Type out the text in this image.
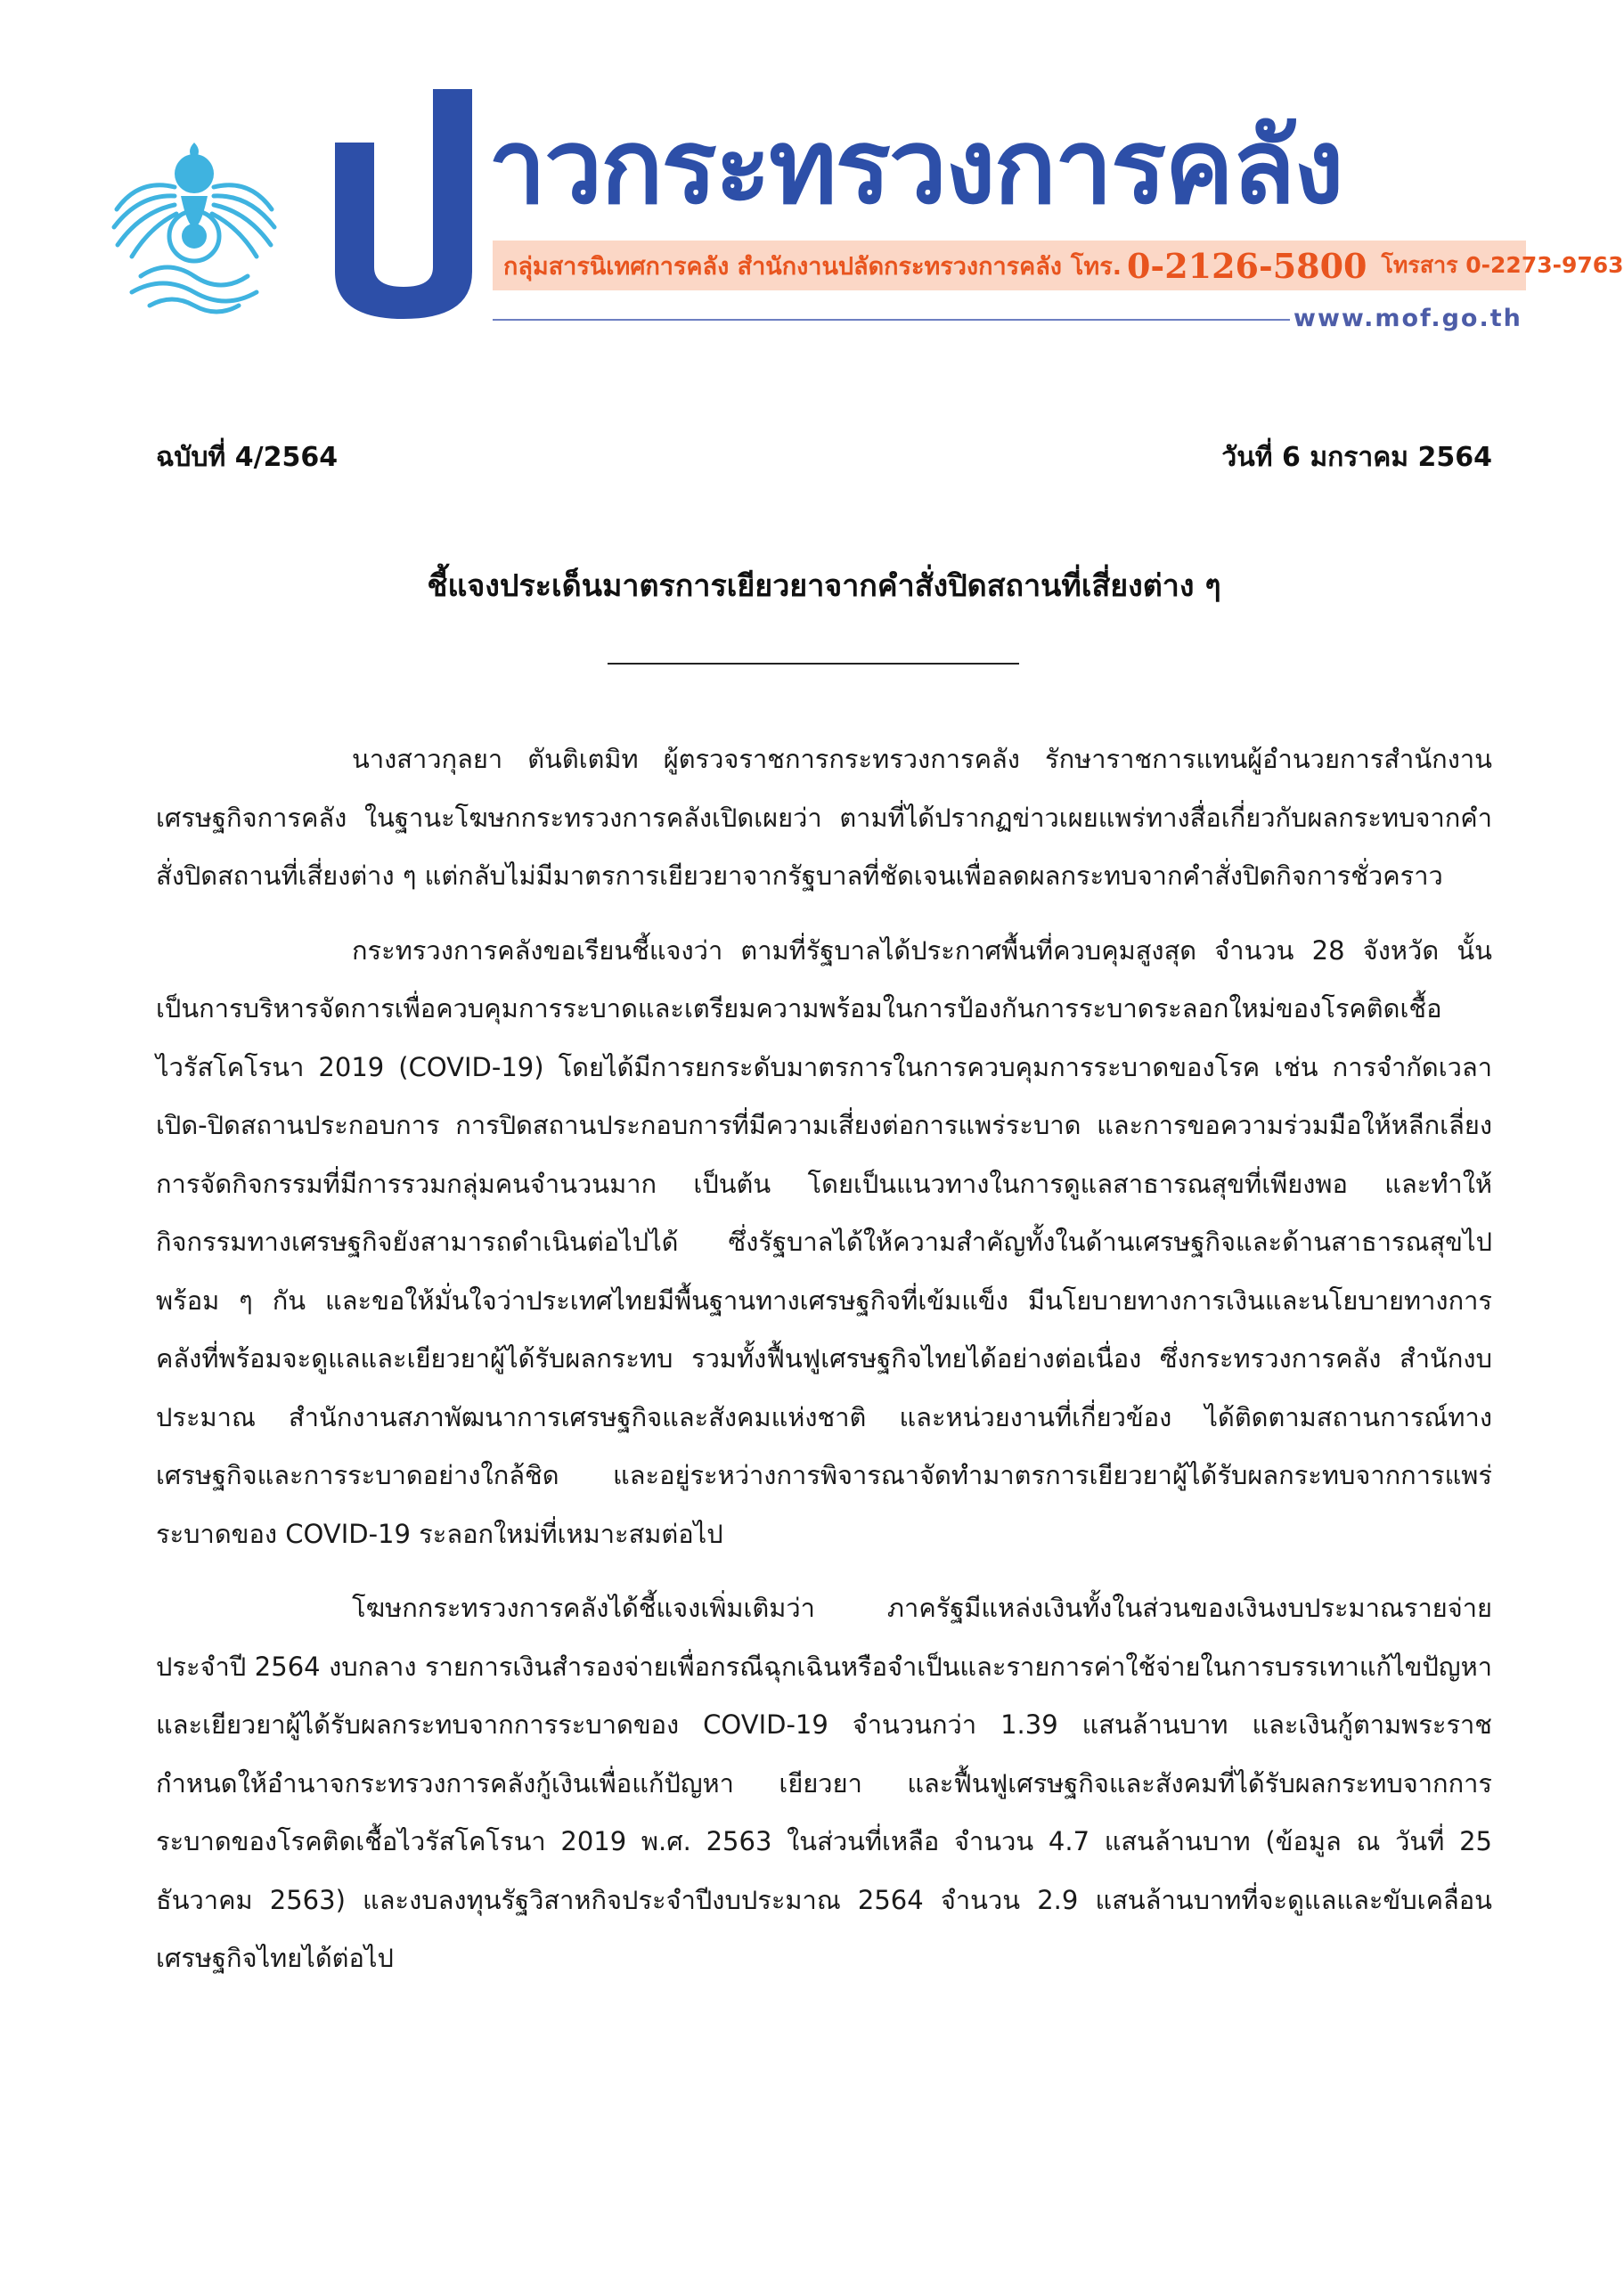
าวกระทรวงการคลัง
กลุ่มสารนิเทศการคลัง สำนักงานปลัดกระทรวงการคลัง โทร. 0-2126-5800 โทรสาร 0-2273-9763
www.mof.go.th
ฉบับที่ 4/2564	วันที่ 6 มกราคม 2564
ชี้แจงประเด็นมาตรการเยียวยาจากคำสั่งปิดสถานที่เสี่ยงต่าง ๆ

นางสาวกุลยา ตันติเตมิท ผู้ตรวจราชการกระทรวงการคลัง รักษาราชการแทนผู้อำนวยการสำนักงานเศรษฐกิจการคลัง ในฐานะโฆษกกระทรวงการคลังเปิดเผยว่า ตามที่ได้ปรากฏข่าวเผยแพร่ทางสื่อเกี่ยวกับผลกระทบจากคำสั่งปิดสถานที่เสี่ยงต่าง ๆ แต่กลับไม่มีมาตรการเยียวยาจากรัฐบาลที่ชัดเจนเพื่อลดผลกระทบจากคำสั่งปิดกิจการชั่วคราว

กระทรวงการคลังขอเรียนชี้แจงว่า ตามที่รัฐบาลได้ประกาศพื้นที่ควบคุมสูงสุด จำนวน 28 จังหวัด นั้น เป็นการบริหารจัดการเพื่อควบคุมการระบาดและเตรียมความพร้อมในการป้องกันการระบาดระลอกใหม่ของโรคติดเชื้อไวรัสโคโรนา 2019 (COVID-19) โดยได้มีการยกระดับมาตรการในการควบคุมการระบาดของโรค เช่น การจำกัดเวลาเปิด-ปิดสถานประกอบการ การปิดสถานประกอบการที่มีความเสี่ยงต่อการแพร่ระบาด และการขอความร่วมมือให้หลีกเลี่ยงการจัดกิจกรรมที่มีการรวมกลุ่มคนจำนวนมาก เป็นต้น โดยเป็นแนวทางในการดูแลสาธารณสุขที่เพียงพอ และทำให้กิจกรรมทางเศรษฐกิจยังสามารถดำเนินต่อไปได้ ซึ่งรัฐบาลได้ให้ความสำคัญทั้งในด้านเศรษฐกิจและด้านสาธารณสุขไปพร้อม ๆ กัน และขอให้มั่นใจว่าประเทศไทยมีพื้นฐานทางเศรษฐกิจที่เข้มแข็ง มีนโยบายทางการเงินและนโยบายทางการคลังที่พร้อมจะดูแลและเยียวยาผู้ได้รับผลกระทบ รวมทั้งฟื้นฟูเศรษฐกิจไทยได้อย่างต่อเนื่อง ซึ่งกระทรวงการคลัง สำนักงบประมาณ สำนักงานสภาพัฒนาการเศรษฐกิจและสังคมแห่งชาติ และหน่วยงานที่เกี่ยวข้อง ได้ติดตามสถานการณ์ทางเศรษฐกิจและการระบาดอย่างใกล้ชิด และอยู่ระหว่างการพิจารณาจัดทำมาตรการเยียวยาผู้ได้รับผลกระทบจากการแพร่ระบาดของ COVID-19 ระลอกใหม่ที่เหมาะสมต่อไป

โฆษกกระทรวงการคลังได้ชี้แจงเพิ่มเติมว่า ภาครัฐมีแหล่งเงินทั้งในส่วนของเงินงบประมาณรายจ่ายประจำปี 2564 งบกลาง รายการเงินสำรองจ่ายเพื่อกรณีฉุกเฉินหรือจำเป็นและรายการค่าใช้จ่ายในการบรรเทาแก้ไขปัญหา และเยียวยาผู้ได้รับผลกระทบจากการระบาดของ COVID-19 จำนวนกว่า 1.39 แสนล้านบาท และเงินกู้ตามพระราชกำหนดให้อำนาจกระทรวงการคลังกู้เงินเพื่อแก้ปัญหา เยียวยา และฟื้นฟูเศรษฐกิจและสังคมที่ได้รับผลกระทบจากการระบาดของโรคติดเชื้อไวรัสโคโรนา 2019 พ.ศ. 2563 ในส่วนที่เหลือ จำนวน 4.7 แสนล้านบาท (ข้อมูล ณ วันที่ 25 ธันวาคม 2563) และงบลงทุนรัฐวิสาหกิจประจำปีงบประมาณ 2564 จำนวน 2.9 แสนล้านบาทที่จะดูแลและขับเคลื่อนเศรษฐกิจไทยได้ต่อไป
